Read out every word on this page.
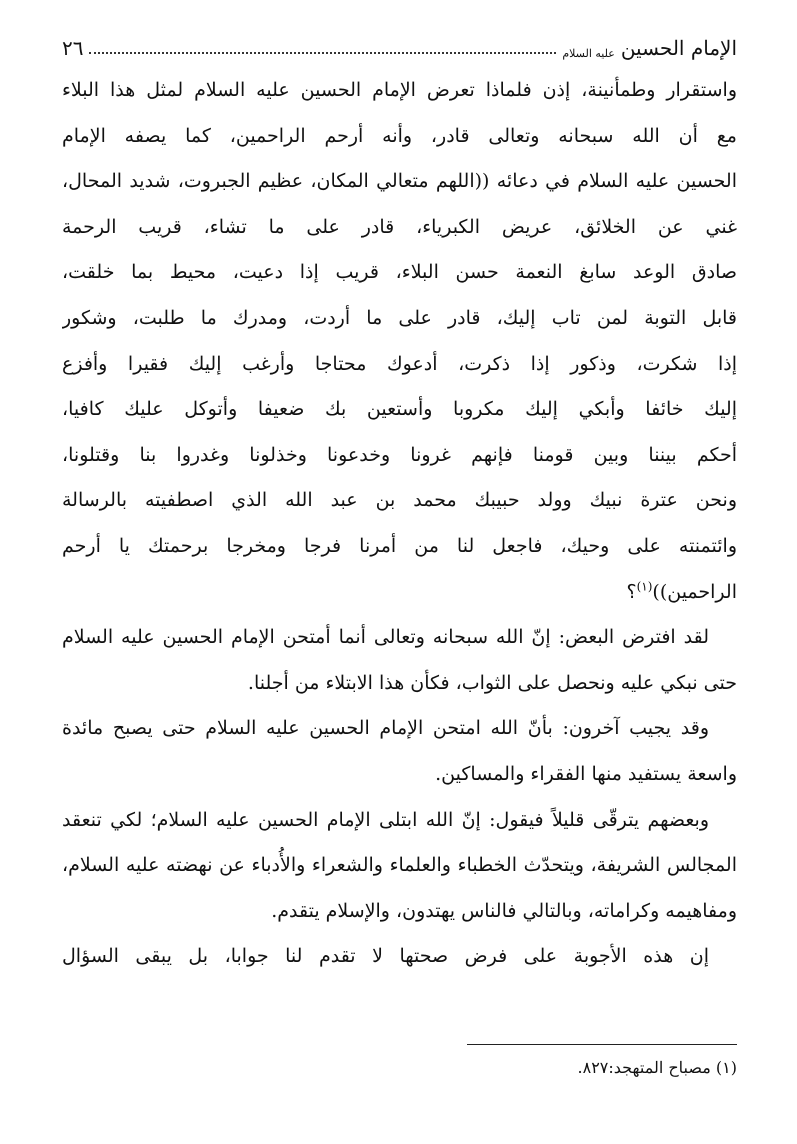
الإمام الحسين
عليه السلام
٢٦
واستقرار وطمأنينة، إذن فلماذا تعرض الإمام الحسين عليه السلام لمثل هذا البلاء
مع أن الله سبحانه وتعالى قادر، وأنه أرحم الراحمين، كما يصفه الإمام
الحسين عليه السلام في دعائه ((اللهم متعالي المكان، عظيم الجبروت، شديد المحال،
غني عن الخلائق، عريض الكبرياء، قادر على ما تشاء، قريب الرحمة
صادق الوعد سابغ النعمة حسن البلاء، قريب إذا دعيت، محيط بما خلقت،
قابل التوبة لمن تاب إليك، قادر على ما أردت، ومدرك ما طلبت، وشكور
إذا شكرت، وذكور إذا ذكرت، أدعوك محتاجا وأرغب إليك فقيرا وأفزع
إليك خائفا وأبكي إليك مكروبا وأستعين بك ضعيفا وأتوكل عليك كافيا،
أحكم بيننا وبين قومنا فإنهم غرونا وخدعونا وخذلونا وغدروا بنا وقتلونا،
ونحن عترة نبيك وولد حبيبك محمد بن عبد الله الذي اصطفيته بالرسالة
وائتمنته على وحيك، فاجعل لنا من أمرنا فرجا ومخرجا برحمتك يا أرحم
الراحمين))$^{(١)}$؟
لقد افترض البعض: إنّ الله سبحانه وتعالى أنما أمتحن الإمام الحسين عليه السلام
حتى نبكي عليه ونحصل على الثواب، فكأن هذا الابتلاء من أجلنا.
وقد يجيب آخرون: بأنّ الله امتحن الإمام الحسين عليه السلام حتى يصبح مائدة
واسعة يستفيد منها الفقراء والمساكين.
وبعضهم يترقّى قليلاً فيقول: إنّ الله ابتلى الإمام الحسين عليه السلام؛ لكي تنعقد
المجالس الشريفة، ويتحدّث الخطباء والعلماء والشعراء والأُدباء عن نهضته عليه السلام،
ومفاهيمه وكراماته، وبالتالي فالناس يهتدون، والإسلام يتقدم.
إن هذه الأجوبة على فرض صحتها لا تقدم لنا جوابا، بل يبقى السؤال
(١) مصباح المتهجد:٨٢٧.
